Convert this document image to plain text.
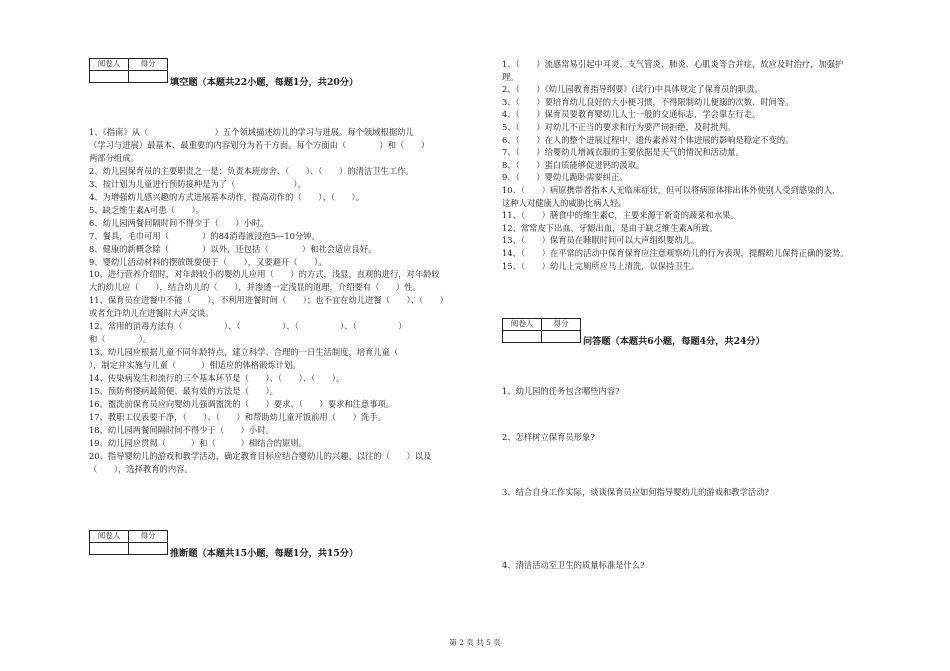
阅卷人	得分

填空题（本题共22小题，每题1分，共20分）
1、《指南》从（　　　　　　　　）五个领域描述幼儿的学习与进展。每个领域根据幼儿
（学习与进展）最基本、最重要的内容划分为若干方面。每个方面由（　　　　）和（　　）
两部分组成。
2、幼儿园保育员的主要职责之一是：负责本班房舍、（　　）、（　　）的清洁卫生工作。
3、按计划为儿童进行预防接种是为了（　　　　　　　）。
4、为增强幼儿感兴趣的方式进展基本动作，提高动作的（　　）、（　　）。
5、缺乏维生素A可患（　　）。
6、幼儿园两餐间隔时间不得少于（　　）小时。
7、餐具，毛巾可用（　　　　）的84消毒液浸泡5—10分钟。
8、健康的新概念除（　　　　）以外，还包括（　　　　）和社会适应良好。
9、婴幼儿活动材料的摆放既要便于（　　），又要避开（　　）。
10、进行营养介绍时，对年龄较小的婴幼儿应用（　　）的方式，浅显，直观的进行，对年龄较
大的幼儿应（　　），结合幼儿的（　　），并渗透一定浅显的道理，介绍要有（　　）性。
11、保育员在进餐中不能（　　），不利用进餐时间（　　）；也不宜在幼儿进餐（　　）、（　　）
或者允许幼儿在进餐时大声交谈。
12、常用的消毒方法有（　　　　　）、（　　　　　）、（　　　　　）、（　　　　　）
和（　　　　）。
13、幼儿园应根据儿童不同年龄特点，建立科学、合理的一日生活制度，培育儿童（　　　　
），制定并实施与儿童（　　　）相适应的体格锻炼计划。
14、传染病发生和流行的三个基本环节是（　　）、（　　）、（　　）。
15、预防佝偻病最简便、最有效的方法是（　　）。
16、盥洗前保育员应向婴幼儿强调盥洗的（　　）要求、（　　）要求和注意事项。
17、教职工仪表要干净，（　　）、（　　）和帮助幼儿童开饭前用（　　）洗手。
18、幼儿园两餐间隔时间不得少于（　　）小时。
19、幼儿园应贯彻（　　　）和（　　　）相结合的原则。
20、指导婴幼儿的游戏和教学活动，确定教育目标应结合婴幼儿的兴趣、以往的（　　）以及
（　　），选择教育的内容。
阅卷人	得分

推断题（本题共15小题，每题1分，共15分）
1、（　　）流感常易引起中耳炎、支气管炎、肺炎、心肌炎等合并症，故应及时治疗，加强护
理。
2、（　　）《幼儿园教育指导纲要》(试行)中具体规定了保育员的职责。
3、（　　）要培育幼儿良好的大小便习惯，不得限制幼儿便溺的次数、时间等。
4、（　　）保育员要教育婴幼儿人士一般的交通标志，学会靠左行走。
5、（　　）对幼儿不正当的要求和行为要严词拒绝，及时批判。
6、（　　）在人的整个进展过程中，遗传素养对个体进展的影响是稳定不变的。
7、（　　）给婴幼儿增减衣服的主要依据是天气的情况和活动量。
8、（　　）蛋白质能够促进钙的汲取。
9、（　　）婴幼儿跪卧需要纠正。
10、（　　）病原携带者指本人无临床症状，但可以将病原体排出体外使别人受到感染的人，
这种人对健康人的威胁比病人轻。
11、（　　）膳食中的维生素C，主要来源于新奇的蔬菜和水果。
12、常常皮下出血，牙龈出血，是由于缺乏维生素A所致。
13、（　　）保育员在睡眠时间可以大声组织婴幼儿。
14、（　　）在平常的活动中保育保育应注意观察幼儿的行为表现，提醒幼儿保持正确的姿势。
15、（　　）幼儿上完厕所应马上清洗，以保持卫生。
阅卷人	得分

问答题（本题共6小题，每题4分，共24分）
1、幼儿园的任务包含哪些内容?
2、怎样树立保育员形象?
3、结合自身工作实际，谈谈保育员应如何指导婴幼儿的游戏和教学活动?
4、清洁活动室卫生的质量标准是什么?
第 2 页 共 5 页
